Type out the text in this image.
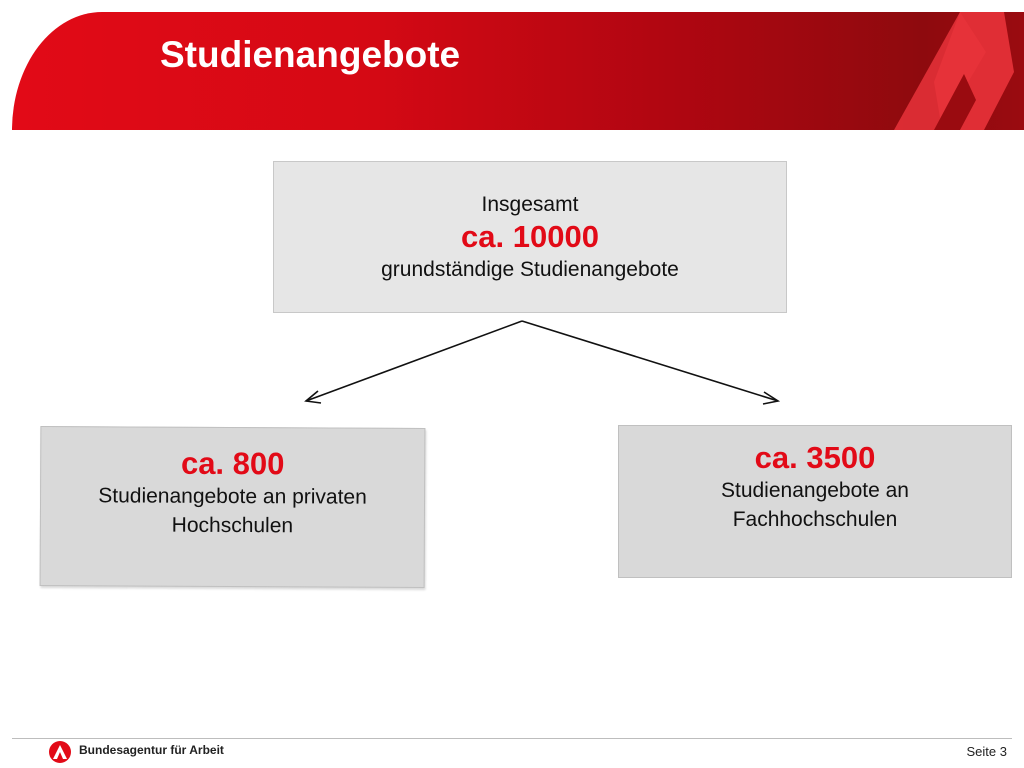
Studienangebote
Insgesamt
ca. 10000
grundständige Studienangebote
ca. 800
Studienangebote an privaten
Hochschulen
ca. 3500
Studienangebote an
Fachhochschulen
Bundesagentur für Arbeit	Seite 3
